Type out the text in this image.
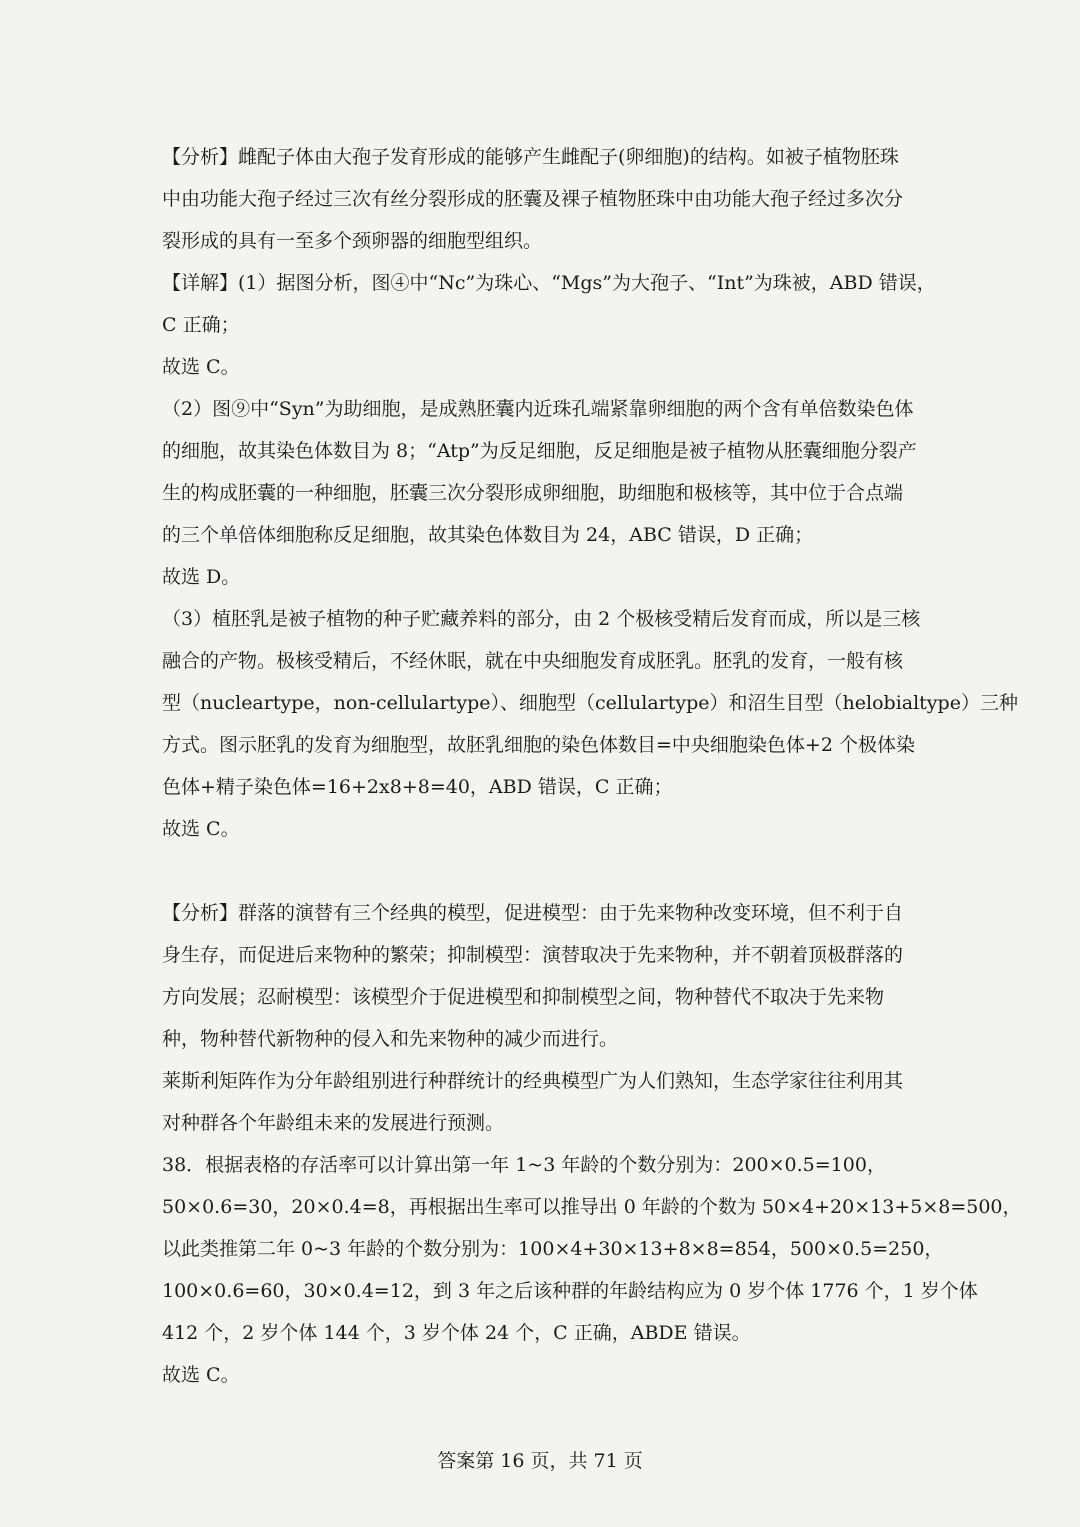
【分析】雌配子体由大孢子发育形成的能够产生雌配子(卵细胞)的结构。如被子植物胚珠
中由功能大孢子经过三次有丝分裂形成的胚囊及裸子植物胚珠中由功能大孢子经过多次分
裂形成的具有一至多个颈卵器的细胞型组织。
【详解】(1）据图分析，图④中“Nc”为珠心、“Mgs”为大孢子、“Int”为珠被，ABD 错误，
C 正确；
故选 C。
（2）图⑨中“Syn”为助细胞，是成熟胚囊内近珠孔端紧靠卵细胞的两个含有单倍数染色体
的细胞，故其染色体数目为 8；“Atp”为反足细胞，反足细胞是被子植物从胚囊细胞分裂产
生的构成胚囊的一种细胞，胚囊三次分裂形成卵细胞，助细胞和极核等，其中位于合点端
的三个单倍体细胞称反足细胞，故其染色体数目为 24，ABC 错误，D 正确；
故选 D。
（3）植胚乳是被子植物的种子贮藏养料的部分，由 2 个极核受精后发育而成，所以是三核
融合的产物。极核受精后，不经休眠，就在中央细胞发育成胚乳。胚乳的发育，一般有核
型（nucleartype，non-cellulartype）、细胞型（cellulartype）和沼生目型（helobialtype）三种
方式。图示胚乳的发育为细胞型，故胚乳细胞的染色体数目=中央细胞染色体+2 个极体染
色体+精子染色体=16+2x8+8=40，ABD 错误，C 正确；
故选 C。
【分析】群落的演替有三个经典的模型，促进模型：由于先来物种改变环境，但不利于自
身生存，而促进后来物种的繁荣；抑制模型：演替取决于先来物种，并不朝着顶极群落的
方向发展；忍耐模型：该模型介于促进模型和抑制模型之间，物种替代不取决于先来物
种，物种替代新物种的侵入和先来物种的减少而进行。
莱斯利矩阵作为分年龄组别进行种群统计的经典模型广为人们熟知，生态学家往往利用其
对种群各个年龄组未来的发展进行预测。
38．根据表格的存活率可以计算出第一年 1~3 年龄的个数分别为：200×0.5=100，
50×0.6=30，20×0.4=8，再根据出生率可以推导出 0 年龄的个数为 50×4+20×13+5×8=500，
以此类推第二年 0~3 年龄的个数分别为：100×4+30×13+8×8=854，500×0.5=250，
100×0.6=60，30×0.4=12，到 3 年之后该种群的年龄结构应为 0 岁个体 1776 个，1 岁个体
412 个，2 岁个体 144 个，3 岁个体 24 个，C 正确，ABDE 错误。
故选 C。
答案第 16 页，共 71 页
